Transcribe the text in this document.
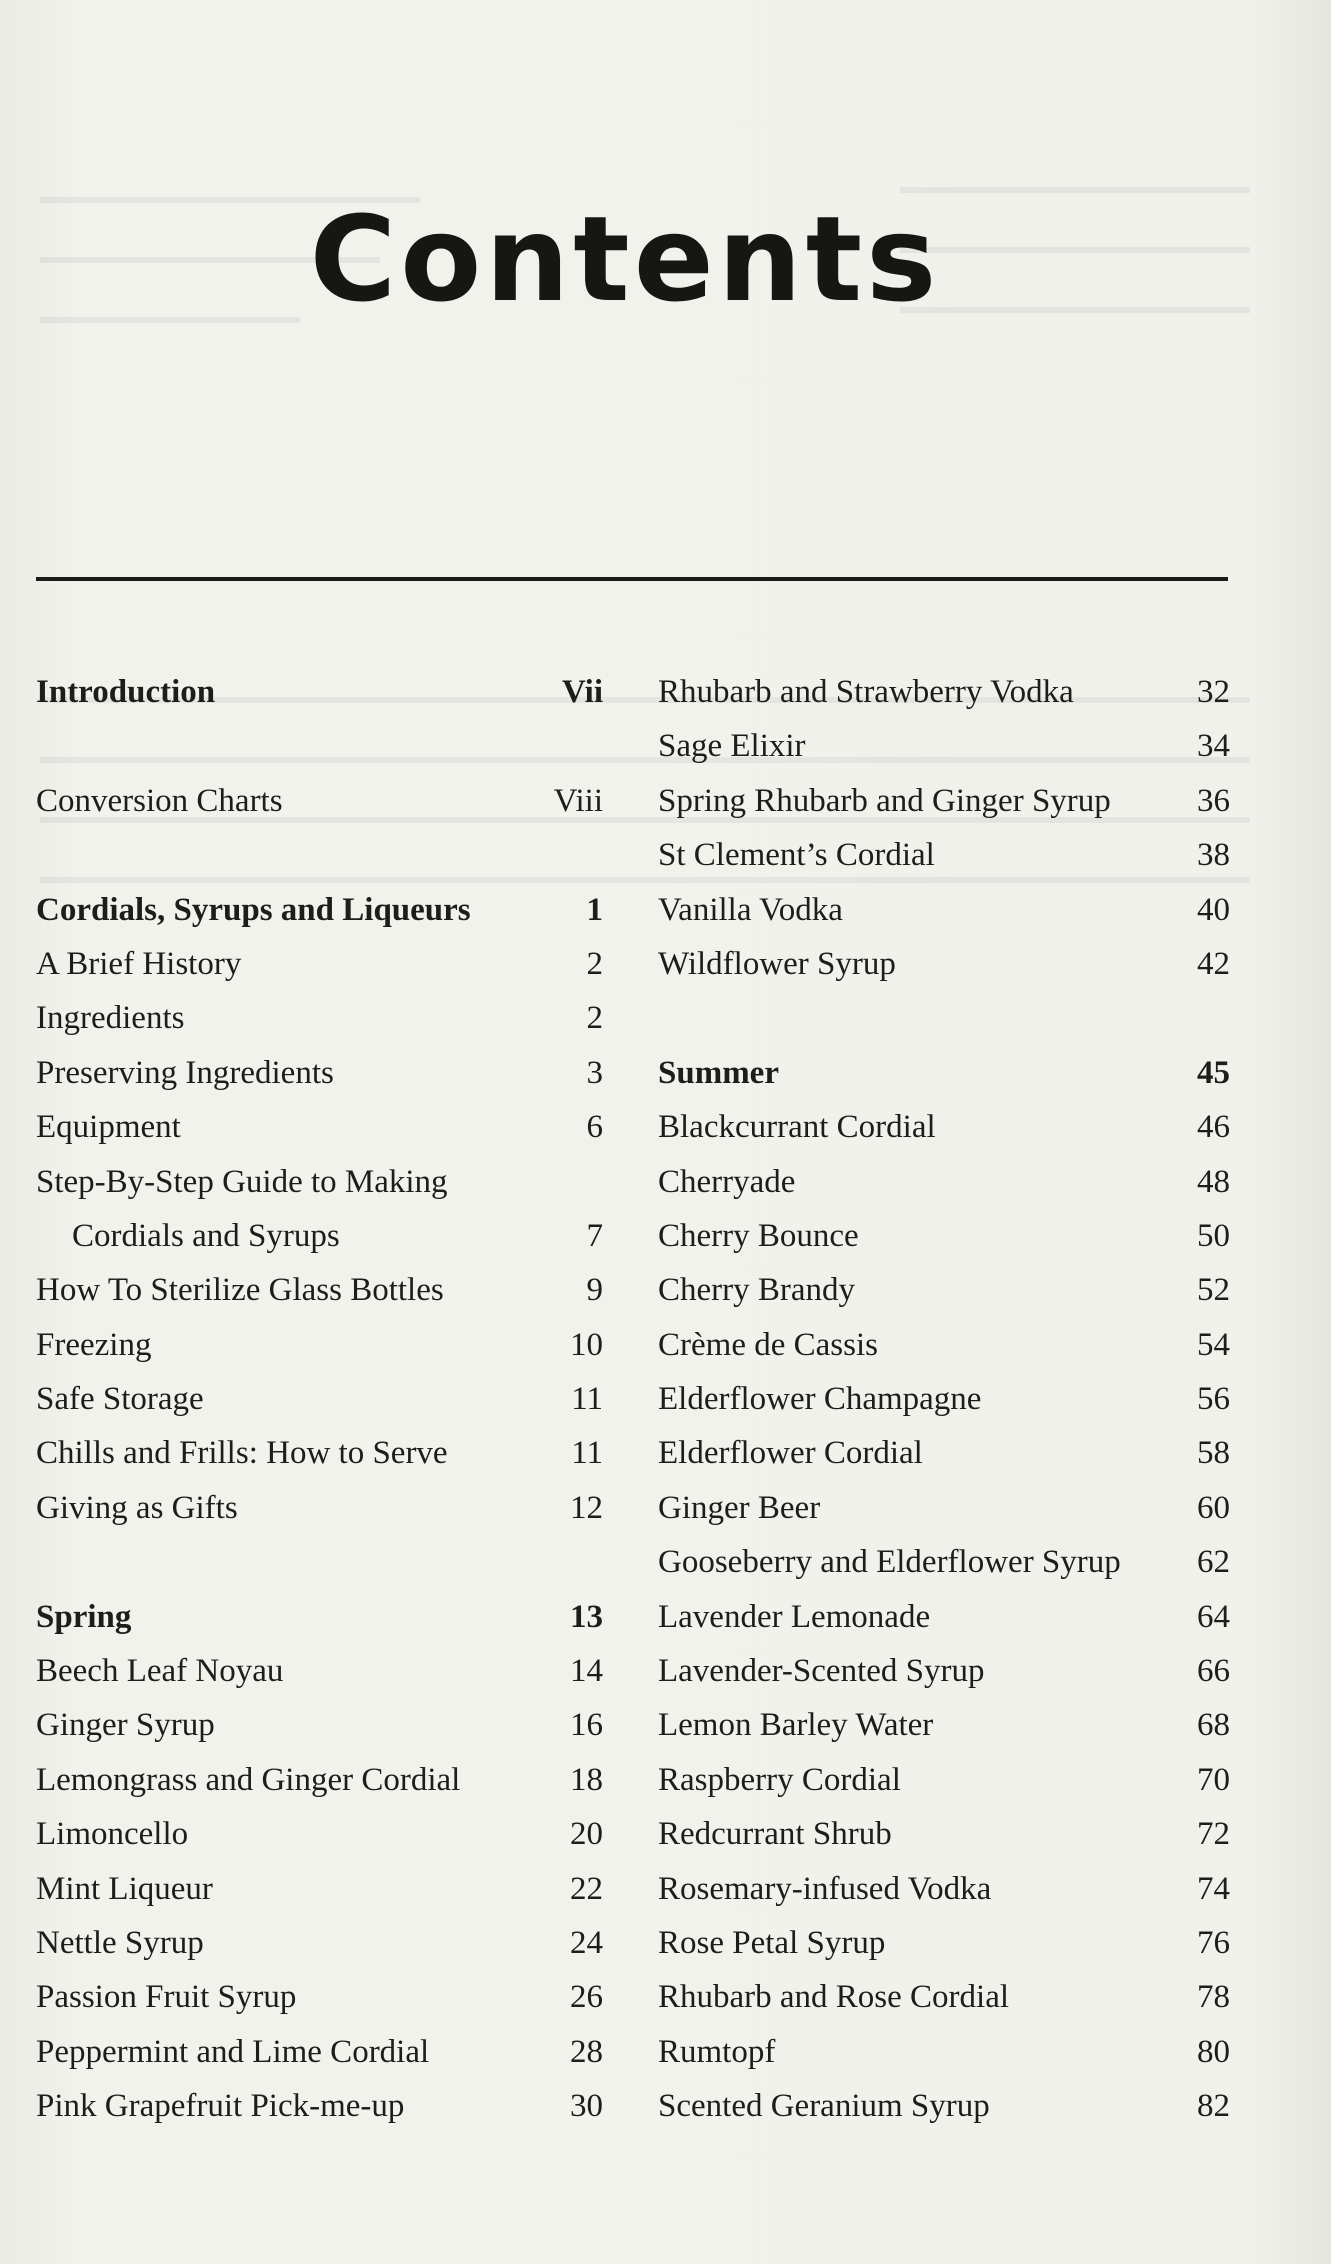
Contents
Introduction	Vii
Conversion Charts	Viii
Cordials, Syrups and Liqueurs	1
A Brief History	2
Ingredients	2
Preserving Ingredients	3
Equipment	6
Step-By-Step Guide to Making
Cordials and Syrups	7
How To Sterilize Glass Bottles	9
Freezing	10
Safe Storage	11
Chills and Frills: How to Serve	11
Giving as Gifts	12
Spring	13
Beech Leaf Noyau	14
Ginger Syrup	16
Lemongrass and Ginger Cordial	18
Limoncello	20
Mint Liqueur	22
Nettle Syrup	24
Passion Fruit Syrup	26
Peppermint and Lime Cordial	28
Pink Grapefruit Pick-me-up	30
Rhubarb and Strawberry Vodka	32
Sage Elixir	34
Spring Rhubarb and Ginger Syrup	36
St Clement’s Cordial	38
Vanilla Vodka	40
Wildflower Syrup	42
Summer	45
Blackcurrant Cordial	46
Cherryade	48
Cherry Bounce	50
Cherry Brandy	52
Crème de Cassis	54
Elderflower Champagne	56
Elderflower Cordial	58
Ginger Beer	60
Gooseberry and Elderflower Syrup 62
Lavender Lemonade	64
Lavender-Scented Syrup	66
Lemon Barley Water	68
Raspberry Cordial	70
Redcurrant Shrub	72
Rosemary-infused Vodka	74
Rose Petal Syrup	76
Rhubarb and Rose Cordial	78
Rumtopf	80
Scented Geranium Syrup	82
